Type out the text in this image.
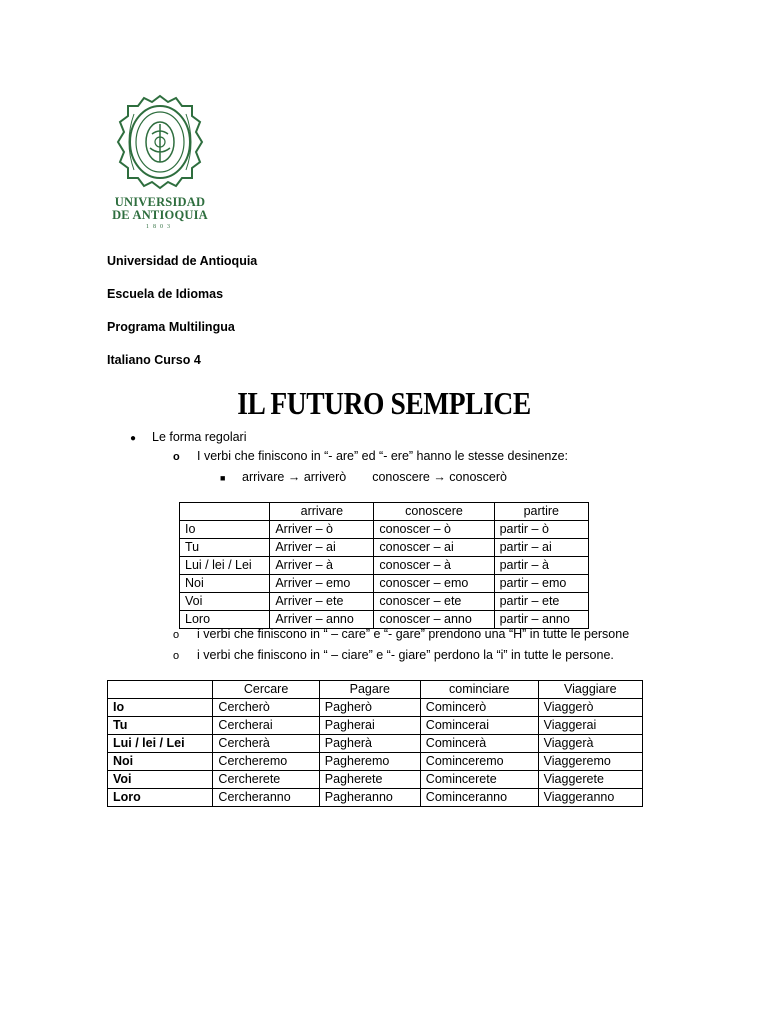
UNIVERSIDAD
DE ANTIOQUIA
1803
Universidad de Antioquia
Escuela de Idiomas
Programa Multilingua
Italiano Curso 4
IL FUTURO SEMPLICE
● Le forma regolari
o I verbi che finiscono in “- are” ed “- ere” hanno le stesse desinenze:
■ arrivare → arriverò conoscere → conoscerò
	arrivare	conoscere	partire
Io	Arriver – ò	conoscer – ò	partir – ò
Tu	Arriver – ai	conoscer – ai	partir – ai
Lui / lei / Lei	Arriver – à	conoscer – à	partir – à
Noi	Arriver – emo	conoscer – emo	partir – emo
Voi	Arriver – ete	conoscer – ete	partir – ete
Loro	Arriver – anno	conoscer – anno	partir – anno
o i verbi che finiscono in “ – care” e “- gare” prendono una “H” in tutte le persone
o i verbi che finiscono in “ – ciare” e “- giare” perdono la “i” in tutte le persone.
	Cercare	Pagare	cominciare	Viaggiare
Io	Cercherò	Pagherò	Comincerò	Viaggerò
Tu	Cercherai	Pagherai	Comincerai	Viaggerai
Lui / lei / Lei	Cercherà	Pagherà	Comincerà	Viaggerà
Noi	Cercheremo	Pagheremo	Cominceremo	Viaggeremo
Voi	Cercherete	Pagherete	Comincerete	Viaggerete
Loro	Cercheranno	Pagheranno	Cominceranno	Viaggeranno
